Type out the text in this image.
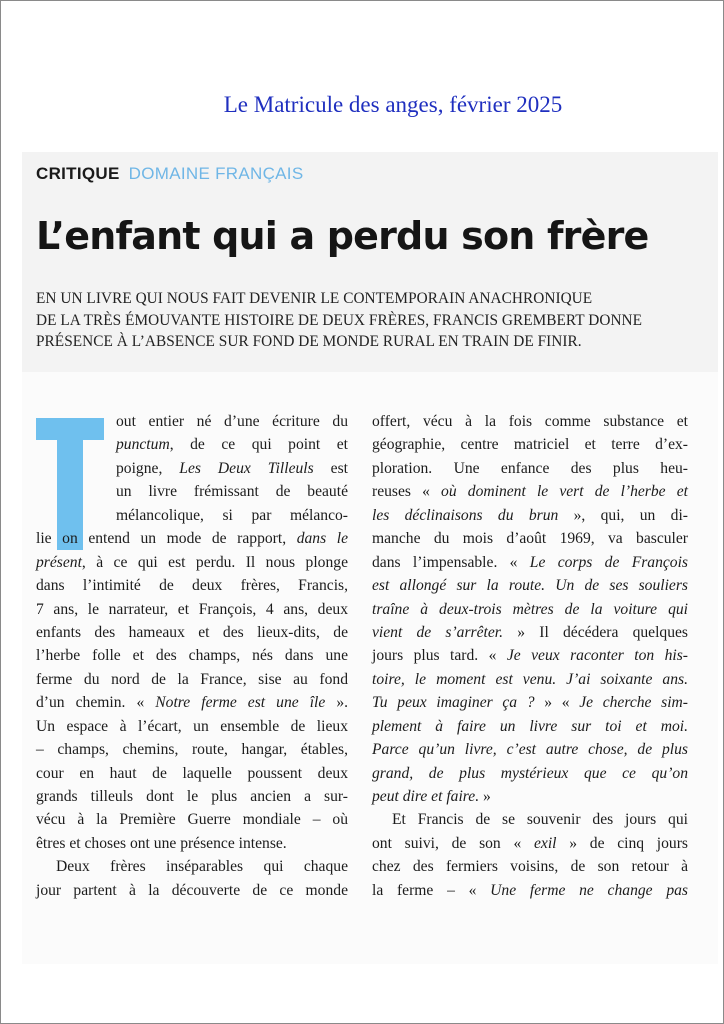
Le Matricule des anges, février 2025
CRITIQUE DOMAINE FRANÇAIS
L’enfant qui a perdu son frère
EN UN LIVRE QUI NOUS FAIT DEVENIR LE CONTEMPORAIN ANACHRONIQUE
DE LA TRÈS ÉMOUVANTE HISTOIRE DE DEUX FRÈRES, FRANCIS GREMBERT DONNE
PRÉSENCE À L’ABSENCE SUR FOND DE MONDE RURAL EN TRAIN DE FINIR.
out entier né d’une écriture du
punctum, de ce qui point et
poigne, Les Deux Tilleuls est
un livre frémissant de beauté
mélancolique, si par mélanco-
lie on entend un mode de rapport, dans le
présent, à ce qui est perdu. Il nous plonge
dans l’intimité de deux frères, Francis,
7 ans, le narrateur, et François, 4 ans, deux
enfants des hameaux et des lieux-dits, de
l’herbe folle et des champs, nés dans une
ferme du nord de la France, sise au fond
d’un chemin. « Notre ferme est une île ».
Un espace à l’écart, un ensemble de lieux
– champs, chemins, route, hangar, étables,
cour en haut de laquelle poussent deux
grands tilleuls dont le plus ancien a sur-
vécu à la Première Guerre mondiale – où
êtres et choses ont une présence intense.
Deux frères inséparables qui chaque
jour partent à la découverte de ce monde
offert, vécu à la fois comme substance et
géographie, centre matriciel et terre d’ex-
ploration. Une enfance des plus heu-
reuses « où dominent le vert de l’herbe et
les déclinaisons du brun », qui, un di-
manche du mois d’août 1969, va basculer
dans l’impensable. « Le corps de François
est allongé sur la route. Un de ses souliers
traîne à deux-trois mètres de la voiture qui
vient de s’arrêter. » Il décédera quelques
jours plus tard. « Je veux raconter ton his-
toire, le moment est venu. J’ai soixante ans.
Tu peux imaginer ça ? » « Je cherche sim-
plement à faire un livre sur toi et moi.
Parce qu’un livre, c’est autre chose, de plus
grand, de plus mystérieux que ce qu’on
peut dire et faire. »
Et Francis de se souvenir des jours qui
ont suivi, de son « exil » de cinq jours
chez des fermiers voisins, de son retour à
la ferme – « Une ferme ne change pas
